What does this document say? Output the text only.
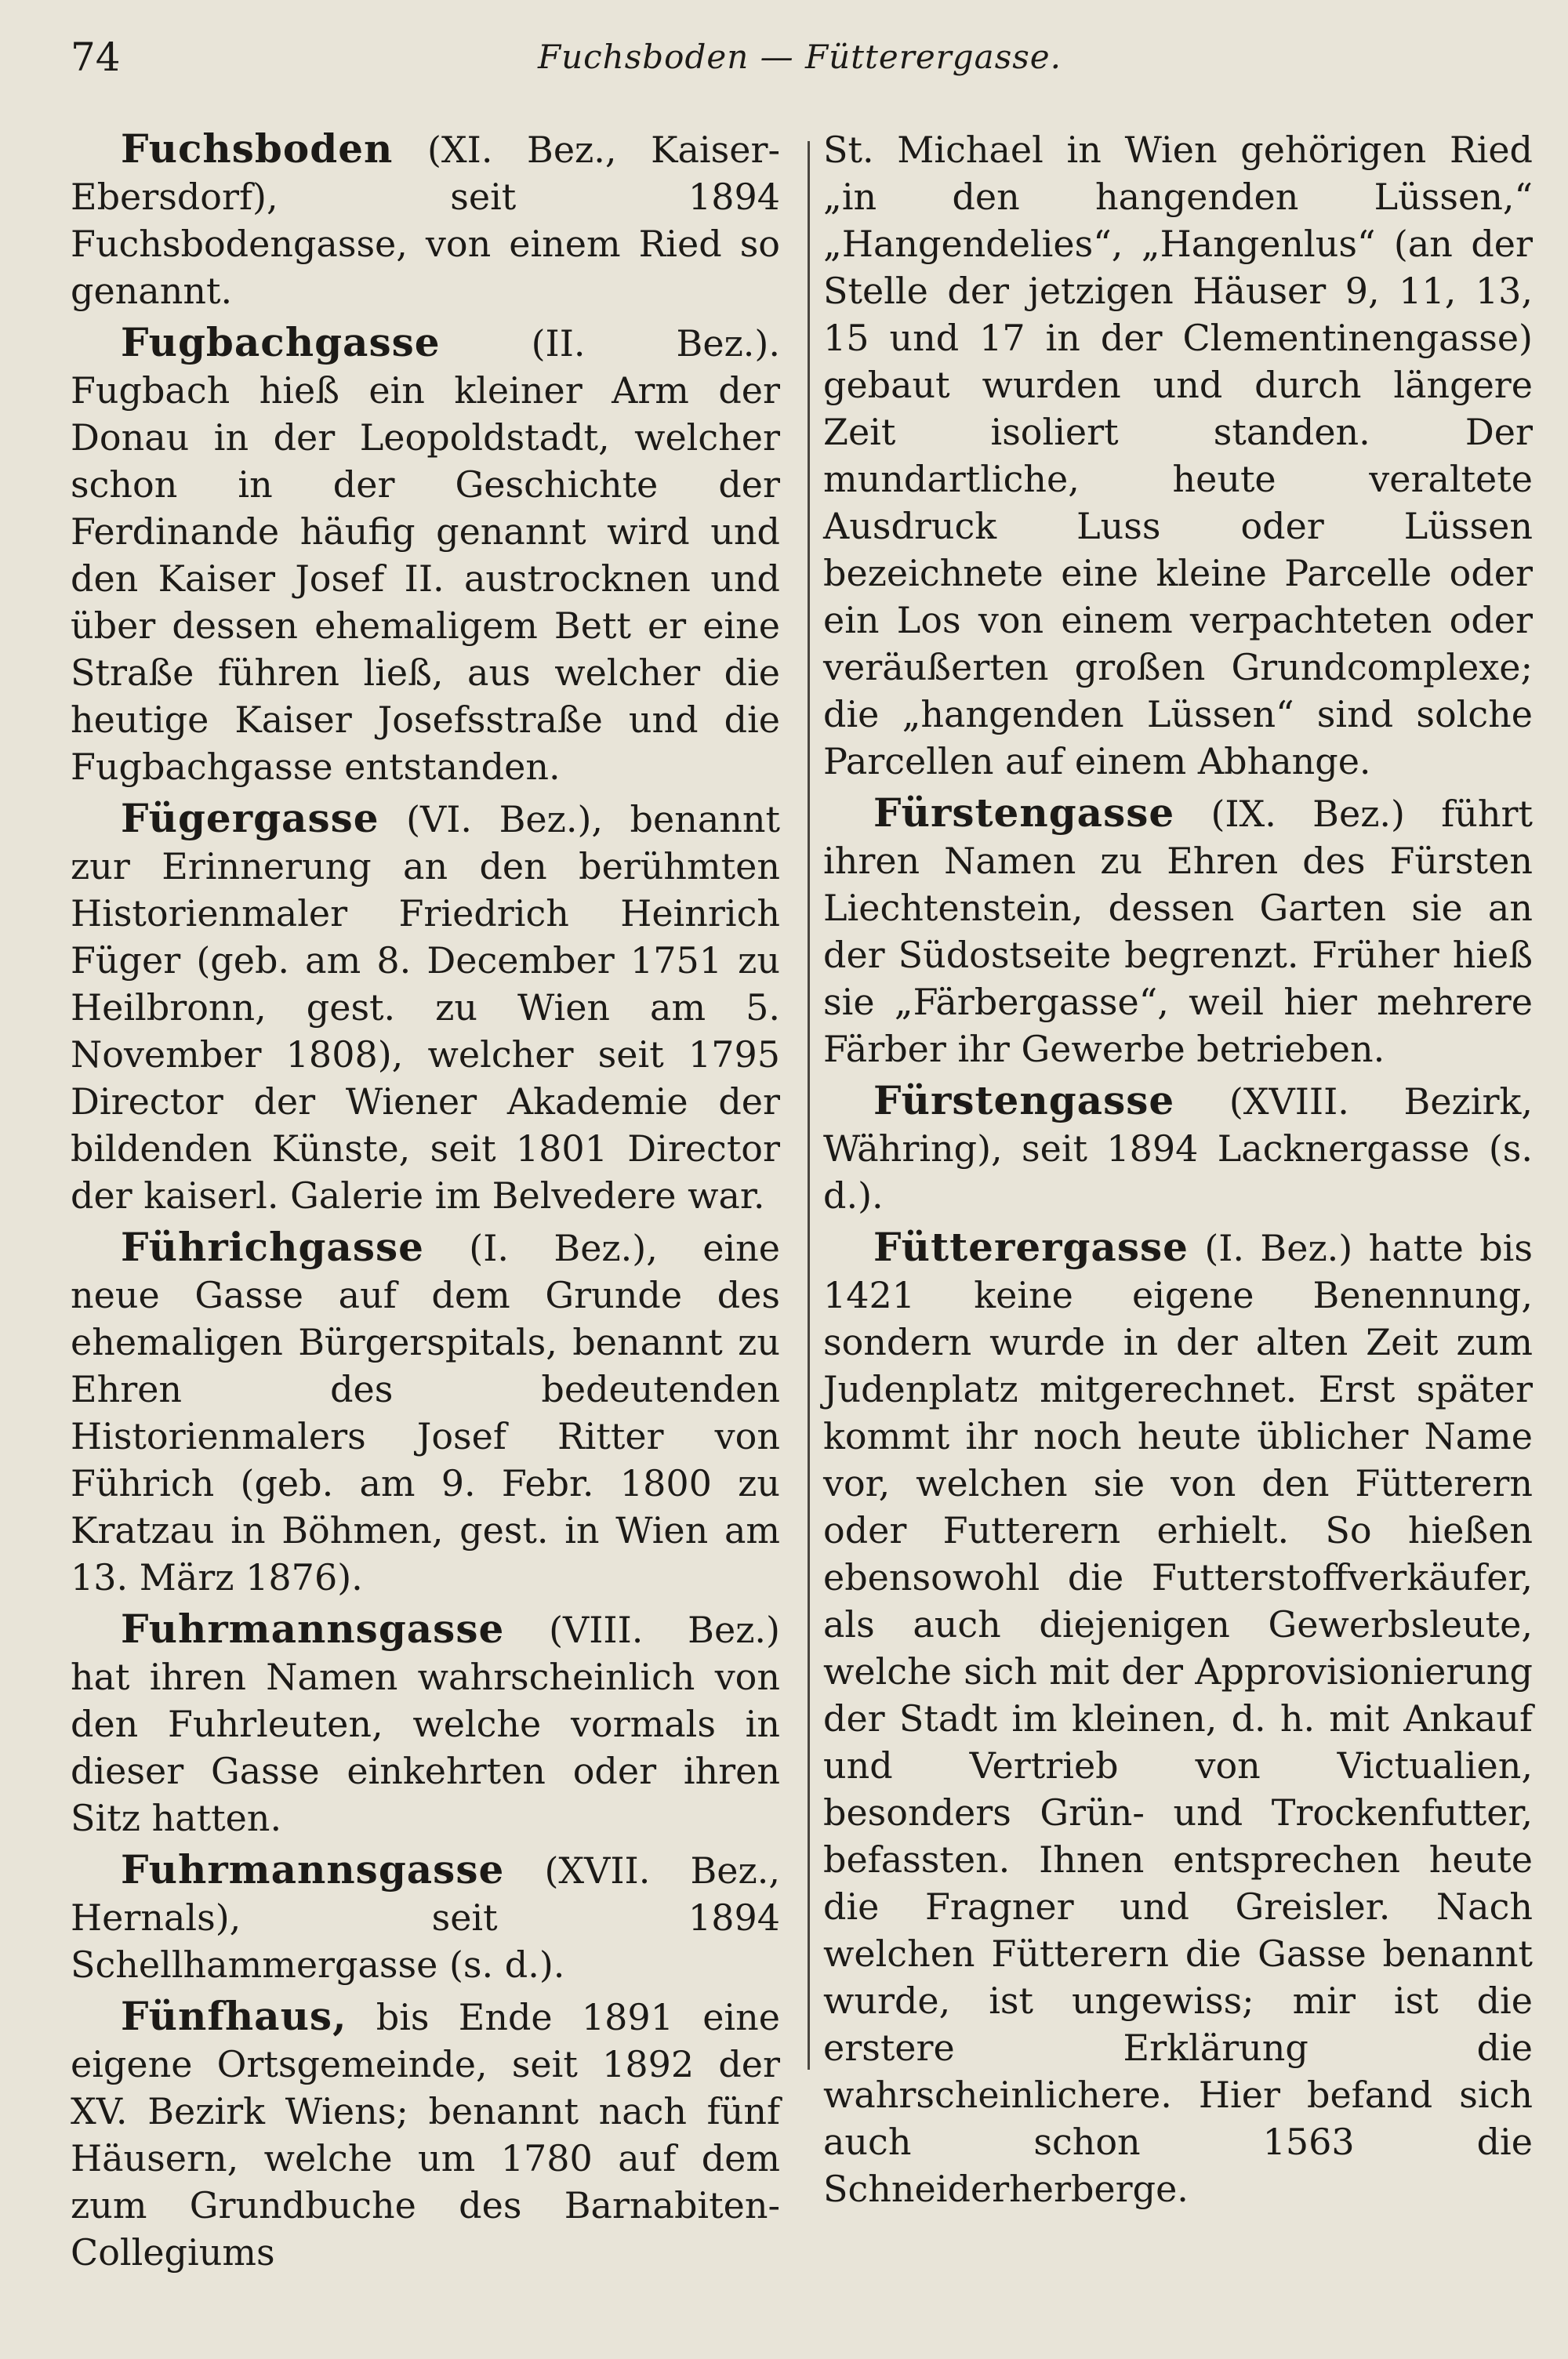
74	Fuchsboden — Fütterergasse.

Fuchsboden (XI. Bez., Kaiser-Ebersdorf), seit 1894 Fuchsbodengasse, von einem Ried so genannt.

Fugbachgasse (II. Bez.). Fugbach hieß ein kleiner Arm der Donau in der Leopoldstadt, welcher schon in der Geschichte der Ferdinande häufig genannt wird und den Kaiser Josef II. austrocknen und über dessen ehemaligem Bett er eine Straße führen ließ, aus welcher die heutige Kaiser Josefsstraße und die Fugbachgasse entstanden.

Fügergasse (VI. Bez.), benannt zur Erinnerung an den berühmten Historienmaler Friedrich Heinrich Füger (geb. am 8. December 1751 zu Heilbronn, gest. zu Wien am 5. November 1808), welcher seit 1795 Director der Wiener Akademie der bildenden Künste, seit 1801 Director der kaiserl. Galerie im Belvedere war.

Führichgasse (I. Bez.), eine neue Gasse auf dem Grunde des ehemaligen Bürgerspitals, benannt zu Ehren des bedeutenden Historienmalers Josef Ritter von Führich (geb. am 9. Febr. 1800 zu Kratzau in Böhmen, gest. in Wien am 13. März 1876).

Fuhrmannsgasse (VIII. Bez.) hat ihren Namen wahrscheinlich von den Fuhrleuten, welche vormals in dieser Gasse einkehrten oder ihren Sitz hatten.

Fuhrmannsgasse (XVII. Bez., Hernals), seit 1894 Schellhammergasse (s. d.).

Fünfhaus, bis Ende 1891 eine eigene Ortsgemeinde, seit 1892 der XV. Bezirk Wiens; benannt nach fünf Häusern, welche um 1780 auf dem zum Grundbuche des Barnabiten-Collegiums

St. Michael in Wien gehörigen Ried „in den hangenden Lüssen,“ „Hangendelies“, „Hangenlus“ (an der Stelle der jetzigen Häuser 9, 11, 13, 15 und 17 in der Clementinengasse) gebaut wurden und durch längere Zeit isoliert standen. Der mundartliche, heute veraltete Ausdruck Luss oder Lüssen bezeichnete eine kleine Parcelle oder ein Los von einem verpachteten oder veräußerten großen Grundcomplexe; die „hangenden Lüssen“ sind solche Parcellen auf einem Abhange.

Fürstengasse (IX. Bez.) führt ihren Namen zu Ehren des Fürsten Liechtenstein, dessen Garten sie an der Südostseite begrenzt. Früher hieß sie „Färbergasse“, weil hier mehrere Färber ihr Gewerbe betrieben.

Fürstengasse (XVIII. Bezirk, Währing), seit 1894 Lacknergasse (s. d.).

Fütterergasse (I. Bez.) hatte bis 1421 keine eigene Benennung, sondern wurde in der alten Zeit zum Judenplatz mitgerechnet. Erst später kommt ihr noch heute üblicher Name vor, welchen sie von den Fütterern oder Futterern erhielt. So hießen ebensowohl die Futterstoffverkäufer, als auch diejenigen Gewerbsleute, welche sich mit der Approvisionierung der Stadt im kleinen, d. h. mit Ankauf und Vertrieb von Victualien, besonders Grün- und Trockenfutter, befassten. Ihnen entsprechen heute die Fragner und Greisler. Nach welchen Fütterern die Gasse benannt wurde, ist ungewiss; mir ist die erstere Erklärung die wahrscheinlichere. Hier befand sich auch schon 1563 die Schneiderherberge.
